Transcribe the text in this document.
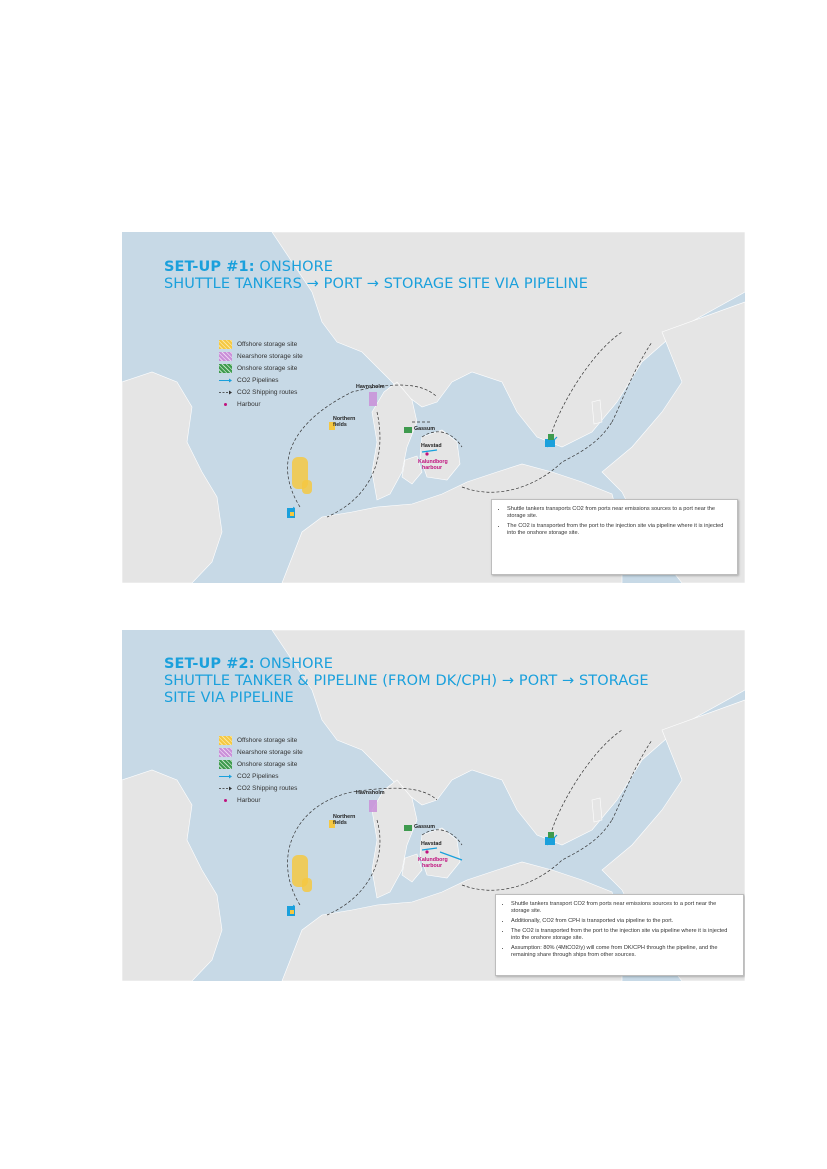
SET-UP #1: ONSHORE
SHUTTLE TANKERS → PORT → STORAGE SITE VIA PIPELINE
Offshore storage site
Nearshore storage site
Onshore storage site
CO2 Pipelines
CO2 Shipping routes
Harbour
Havnsholm
Northern
fields
Gassum
Havstad
Kalundborg
harbour
• Shuttle tankers transports CO2 from ports near emissions sources to a port near the storage site.
• The CO2 is transported from the port to the injection site via pipeline where it is injected into the onshore storage site.
SET-UP #2: ONSHORE
SHUTTLE TANKER & PIPELINE (FROM DK/CPH) → PORT → STORAGE
SITE VIA PIPELINE
Offshore storage site
Nearshore storage site
Onshore storage site
CO2 Pipelines
CO2 Shipping routes
Harbour
Havnsholm
Northern
fields
Gassum
Havstad
Kalundborg
harbour
• Shuttle tankers transport CO2 from ports near emissions sources to a port near the storage site.
• Additionally, CO2 from CPH is transported via pipeline to the port.
• The CO2 is transported from the port to the injection site via pipeline where it is injected into the onshore storage site.
• Assumption: 80% (4MtCO2/y) will come from DK/CPH through the pipeline, and the remaining share through ships from other sources.
